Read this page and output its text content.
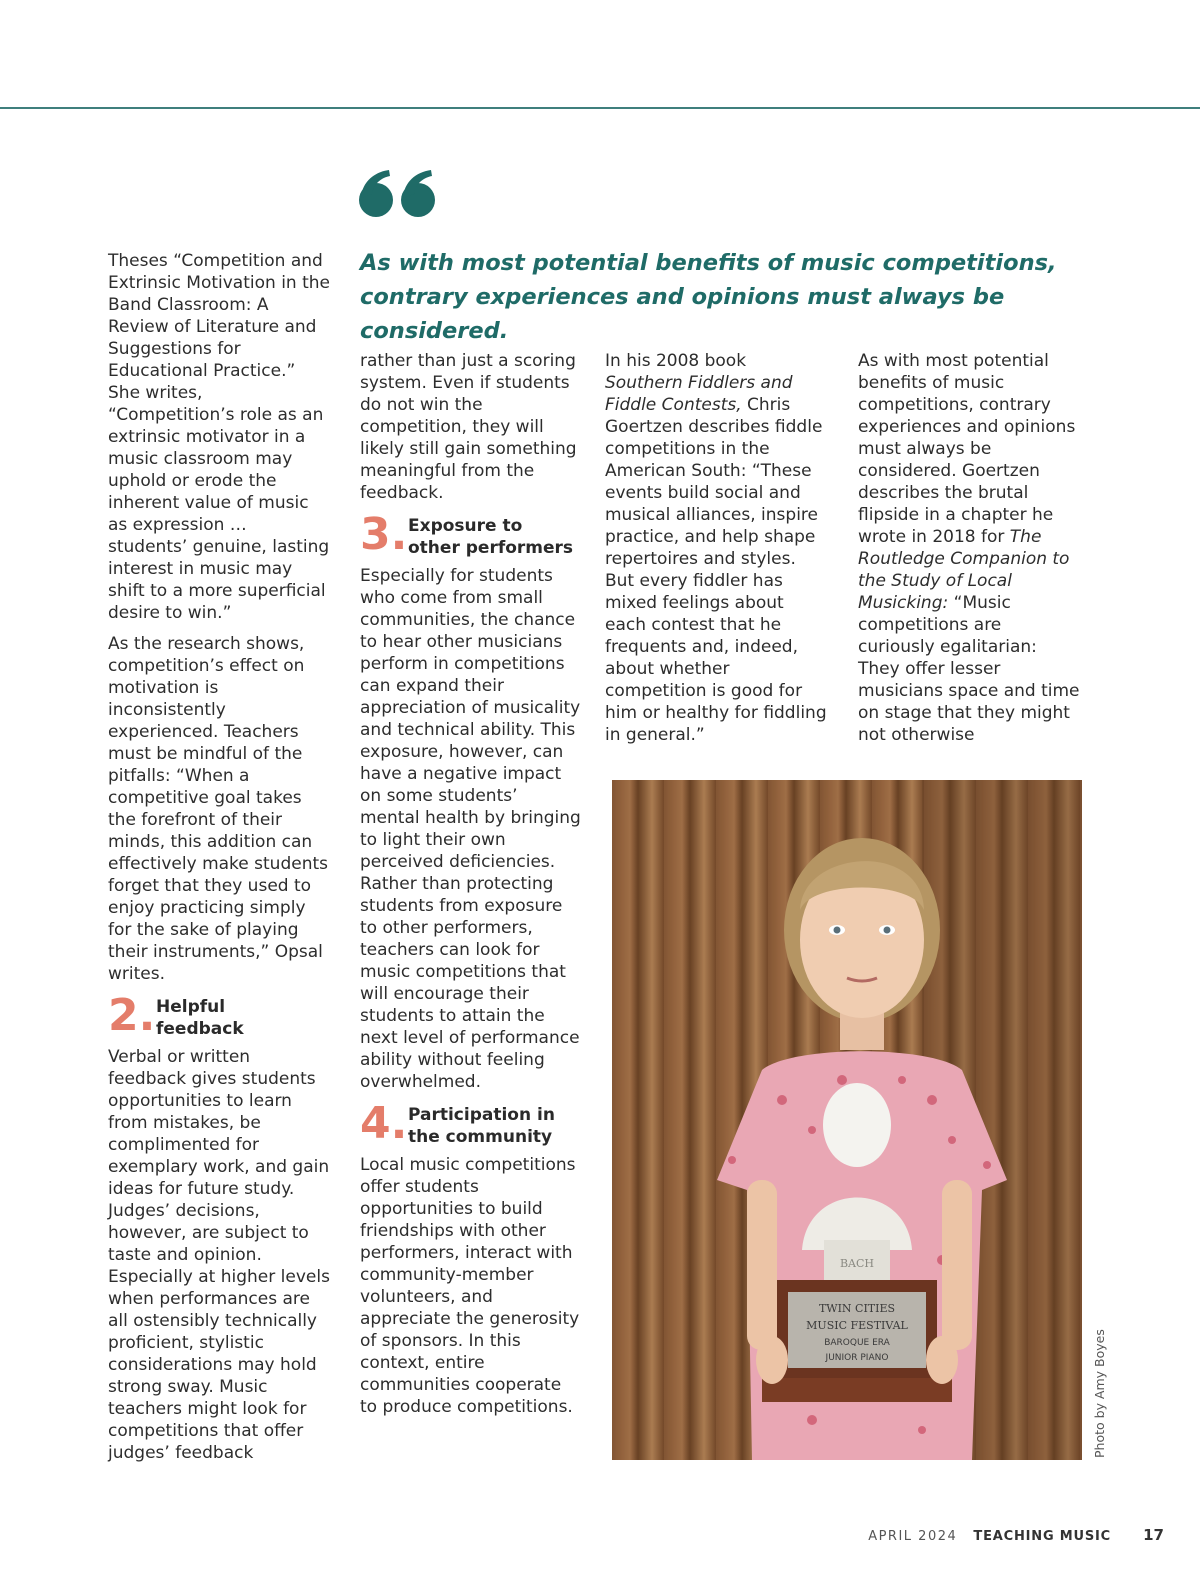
As with most potential benefits of music competitions, contrary experiences and opinions must always be considered.

Theses “Competition and Extrinsic Motivation in the Band Classroom: A Review of Literature and Suggestions for Educational Practice.” She writes, “Competition’s role as an extrinsic motivator in a music classroom may uphold or erode the inherent value of music as expression … students’ genuine, lasting interest in music may shift to a more superficial desire to win.”

As the research shows, competition’s effect on motivation is inconsistently experienced. Teachers must be mindful of the pitfalls: “When a competitive goal takes the forefront of their minds, this addition can effectively make students forget that they used to enjoy practicing simply for the sake of playing their instruments,” Opsal writes.

2. Helpful feedback

Verbal or written feedback gives students opportunities to learn from mistakes, be complimented for exemplary work, and gain ideas for future study. Judges’ decisions, however, are subject to taste and opinion. Especially at higher levels when performances are all ostensibly technically proficient, stylistic considerations may hold strong sway. Music teachers might look for competitions that offer judges’ feedback

rather than just a scoring system. Even if students do not win the competition, they will likely still gain something meaningful from the feedback.

3. Exposure to other performers

Especially for students who come from small communities, the chance to hear other musicians perform in competitions can expand their appreciation of musicality and technical ability. This exposure, however, can have a negative impact on some students’ mental health by bringing to light their own perceived deficiencies. Rather than protecting students from exposure to other performers, teachers can look for music competitions that will encourage their students to attain the next level of performance ability without feeling overwhelmed.

4. Participation in the community

Local music competitions offer students opportunities to build friendships with other performers, interact with community-member volunteers, and appreciate the generosity of sponsors. In this context, entire communities cooperate to produce competitions.

In his 2008 book Southern Fiddlers and Fiddle Contests, Chris Goertzen describes fiddle competitions in the American South: “These events build social and musical alliances, inspire practice, and help shape repertoires and styles. But every fiddler has mixed feelings about each contest that he frequents and, indeed, about whether competition is good for him or healthy for fiddling in general.”

As with most potential benefits of music competitions, contrary experiences and opinions must always be considered. Goertzen describes the brutal flipside in a chapter he wrote in 2018 for The Routledge Companion to the Study of Local Musicking: “Music competitions are curiously egalitarian: They offer lesser musicians space and time on stage that they might not otherwise

BACH
TWIN CITIES
MUSIC FESTIVAL
BAROQUE ERA
JUNIOR PIANO	Photo by Amy Boyes
APRIL 2024 TEACHING MUSIC 17
